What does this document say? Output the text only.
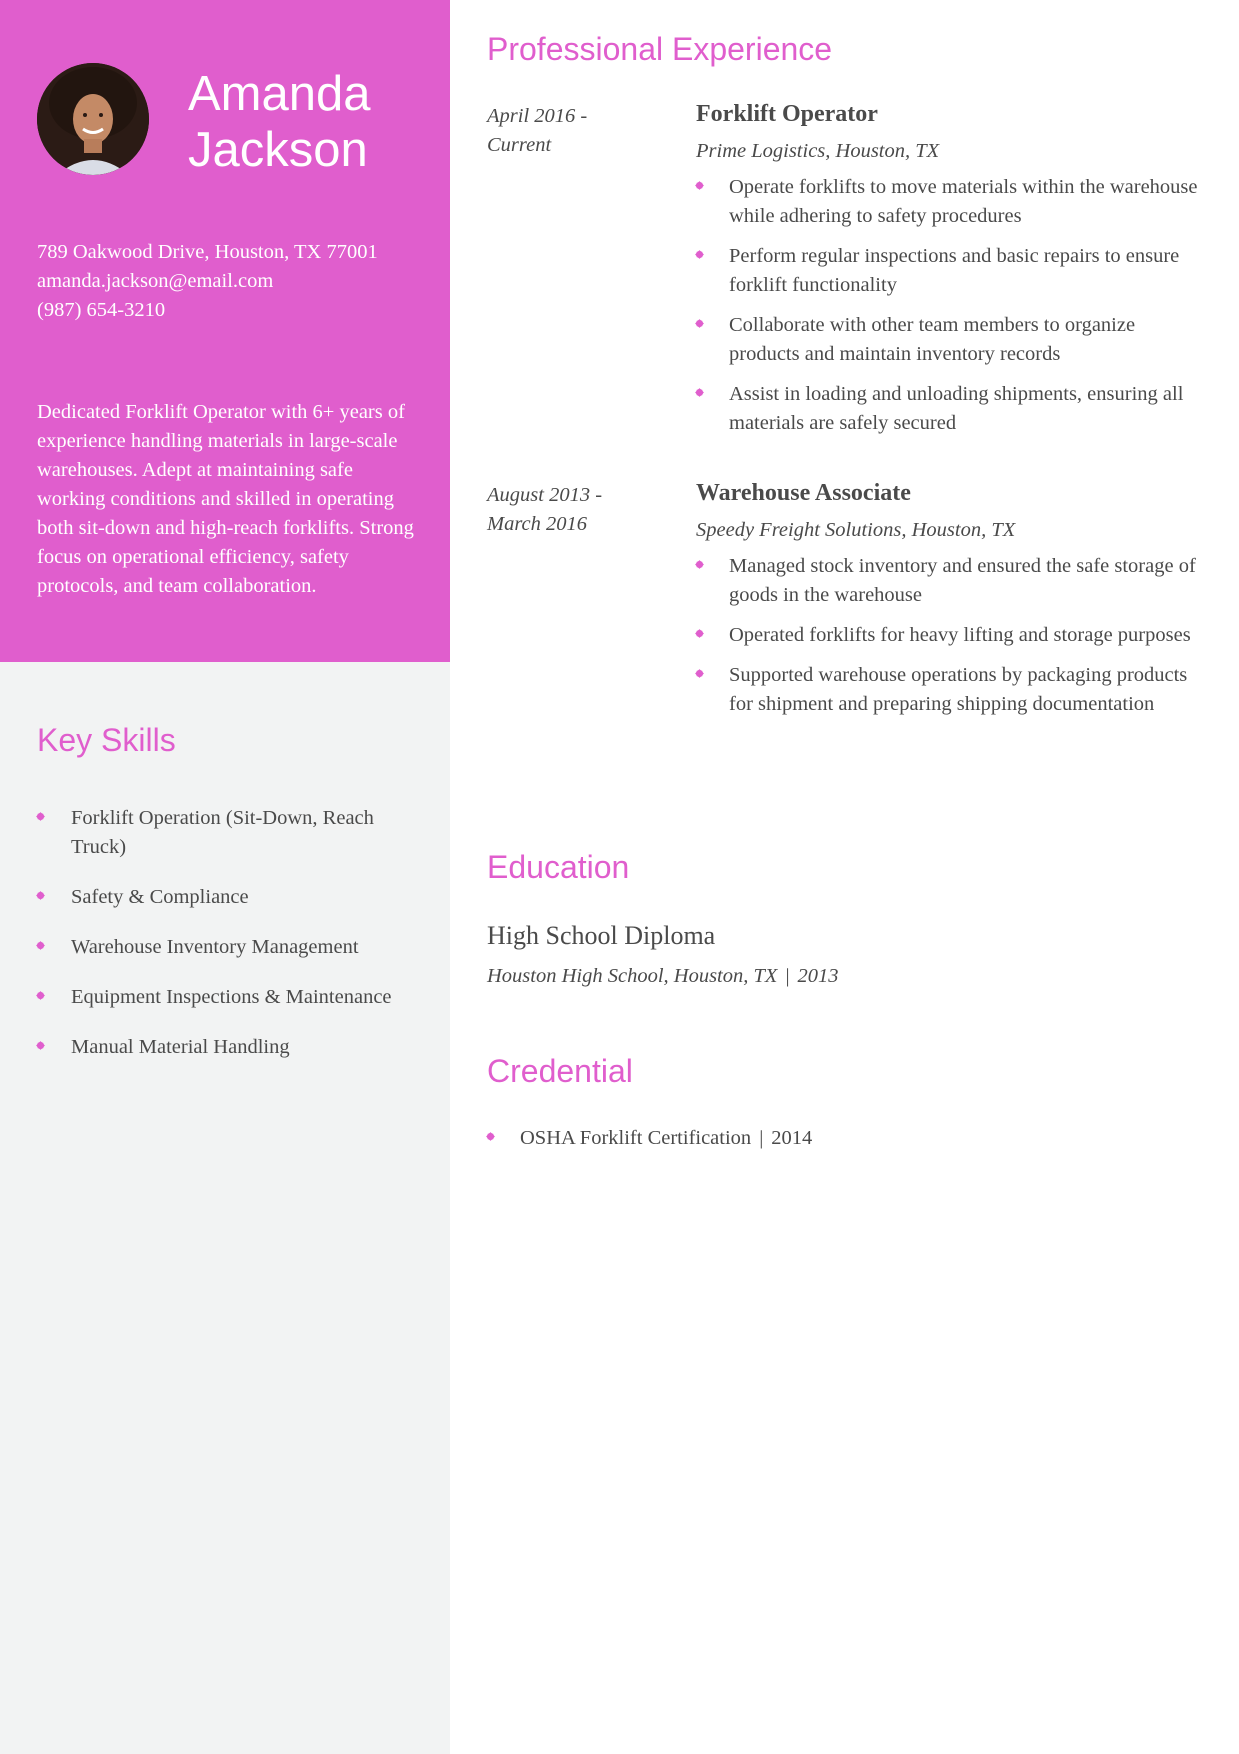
Amanda
Jackson
789 Oakwood Drive, Houston, TX 77001
amanda.jackson@email.com
(987) 654-3210
Dedicated Forklift Operator with 6+ years of experience handling materials in large-scale warehouses. Adept at maintaining safe working conditions and skilled in operating both sit-down and high-reach forklifts. Strong focus on operational efficiency, safety protocols, and team collaboration.
Key Skills
Forklift Operation (Sit-Down, Reach Truck)
Safety & Compliance
Warehouse Inventory Management
Equipment Inspections & Maintenance
Manual Material Handling
Professional Experience
April 2016 -
Current
Forklift Operator
Prime Logistics, Houston, TX
Operate forklifts to move materials within the warehouse while adhering to safety procedures
Perform regular inspections and basic repairs to ensure forklift functionality
Collaborate with other team members to organize products and maintain inventory records
Assist in loading and unloading shipments, ensuring all materials are safely secured
August 2013 -
March 2016
Warehouse Associate
Speedy Freight Solutions, Houston, TX
Managed stock inventory and ensured the safe storage of goods in the warehouse
Operated forklifts for heavy lifting and storage purposes
Supported warehouse operations by packaging products for shipment and preparing shipping documentation
Education
High School Diploma
Houston High School, Houston, TX | 2013
Credential
OSHA Forklift Certification | 2014
